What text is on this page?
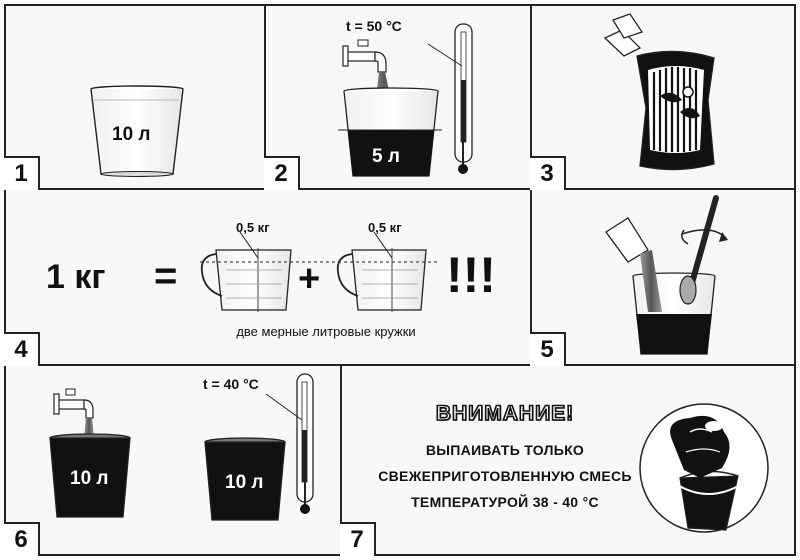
1	2	3
4	5
6	7
10 л
t = 50 °C
5 л
1 кг =	+	!!!
0,5 кг	0,5 кг
две мерные литровые кружки
t = 40 °C
10 л	10 л
ВНИМАНИЕ!
ВЫПАИВАТЬ ТОЛЬКО
СВЕЖЕПРИГОТОВЛЕННУЮ СМЕСЬ
ТЕМПЕРАТУРОЙ 38 - 40 °С
